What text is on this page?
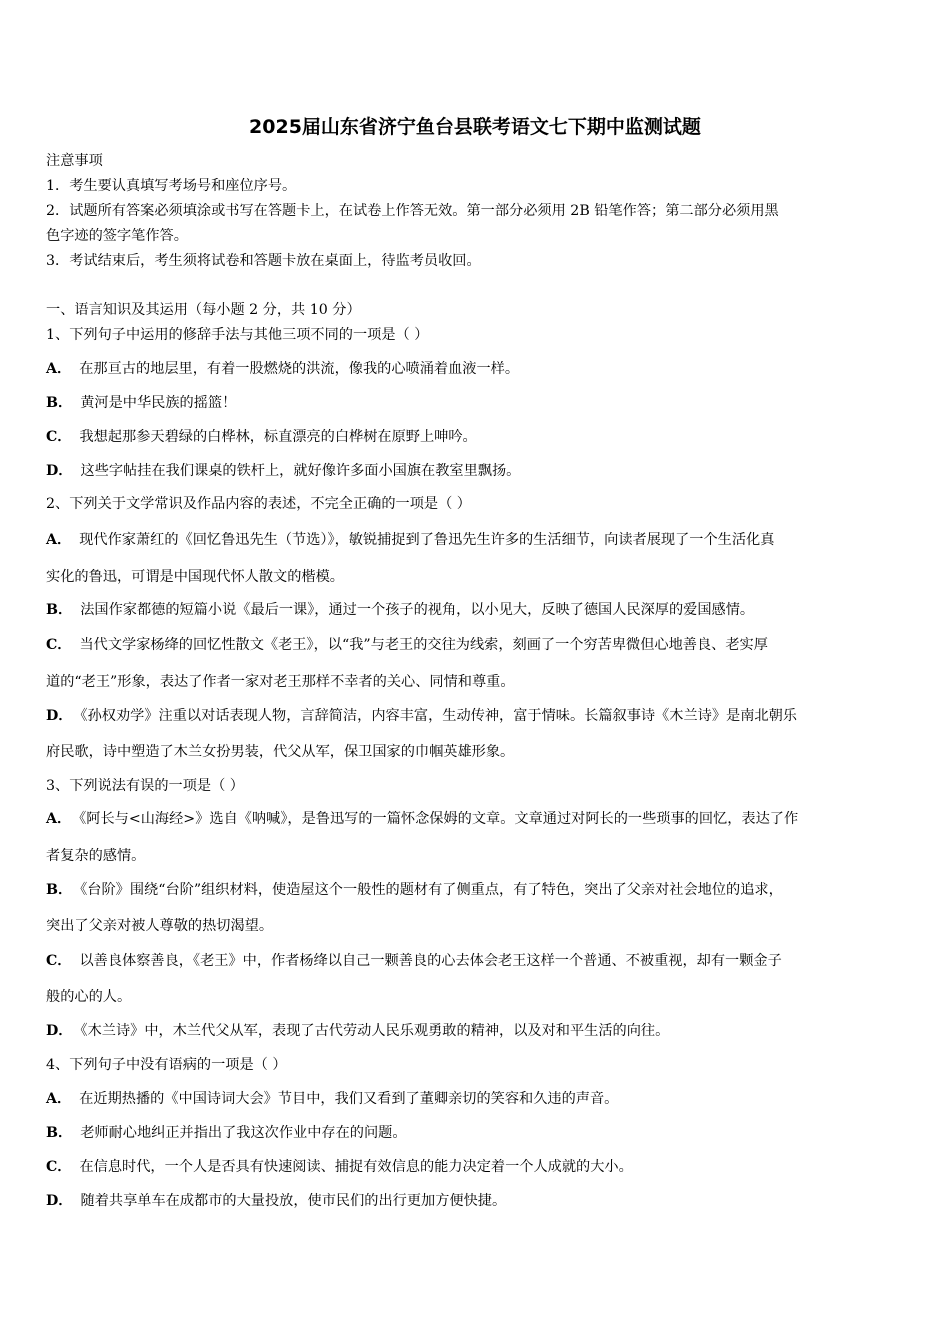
2025届山东省济宁鱼台县联考语文七下期中监测试题
注意事项
1．考生要认真填写考场号和座位序号。
2．试题所有答案必须填涂或书写在答题卡上，在试卷上作答无效。第一部分必须用 2B 铅笔作答；第二部分必须用黑
色字迹的签字笔作答。
3．考试结束后，考生须将试卷和答题卡放在桌面上，待监考员收回。
一、语言知识及其运用（每小题 2 分，共 10 分）
1、下列句子中运用的修辞手法与其他三项不同的一项是（ ）
A． 在那亘古的地层里，有着一股燃烧的洪流，像我的心喷涌着血液一样。
B． 黄河是中华民族的摇篮！
C． 我想起那参天碧绿的白桦林，标直漂亮的白桦树在原野上呻吟。
D． 这些字帖挂在我们课桌的铁杆上，就好像许多面小国旗在教室里飘扬。
2、下列关于文学常识及作品内容的表述，不完全正确的一项是（ ）
A． 现代作家萧红的《回忆鲁迅先生（节选）》，敏锐捕捉到了鲁迅先生许多的生活细节，向读者展现了一个生活化真
实化的鲁迅，可谓是中国现代怀人散文的楷模。
B． 法国作家都德的短篇小说《最后一课》，通过一个孩子的视角，以小见大，反映了德国人民深厚的爱国感情。
C． 当代文学家杨绛的回忆性散文《老王》，以“我”与老王的交往为线索，刻画了一个穷苦卑微但心地善良、老实厚
道的“老王”形象，表达了作者一家对老王那样不幸者的关心、同情和尊重。
D． 《孙权劝学》注重以对话表现人物，言辞简洁，内容丰富，生动传神，富于情味。长篇叙事诗《木兰诗》是南北朝乐
府民歌，诗中塑造了木兰女扮男装，代父从军，保卫国家的巾帼英雄形象。
3、下列说法有误的一项是（ ）
A． 《阿长与<山海经>》选自《呐喊》，是鲁迅写的一篇怀念保姆的文章。文章通过对阿长的一些琐事的回忆，表达了作
者复杂的感情。
B． 《台阶》围绕“台阶”组织材料，使造屋这个一般性的题材有了侧重点，有了特色，突出了父亲对社会地位的追求，
突出了父亲对被人尊敬的热切渴望。
C． 以善良体察善良，《老王》中，作者杨绛以自己一颗善良的心去体会老王这样一个普通、不被重视，却有一颗金子
般的心的人。
D． 《木兰诗》中，木兰代父从军，表现了古代劳动人民乐观勇敢的精神，以及对和平生活的向往。
4、下列句子中没有语病的一项是（ ）
A． 在近期热播的《中国诗词大会》节目中，我们又看到了董卿亲切的笑容和久违的声音。
B． 老师耐心地纠正并指出了我这次作业中存在的问题。
C． 在信息时代，一个人是否具有快速阅读、捕捉有效信息的能力决定着一个人成就的大小。
D． 随着共享单车在成都市的大量投放，使市民们的出行更加方便快捷。
